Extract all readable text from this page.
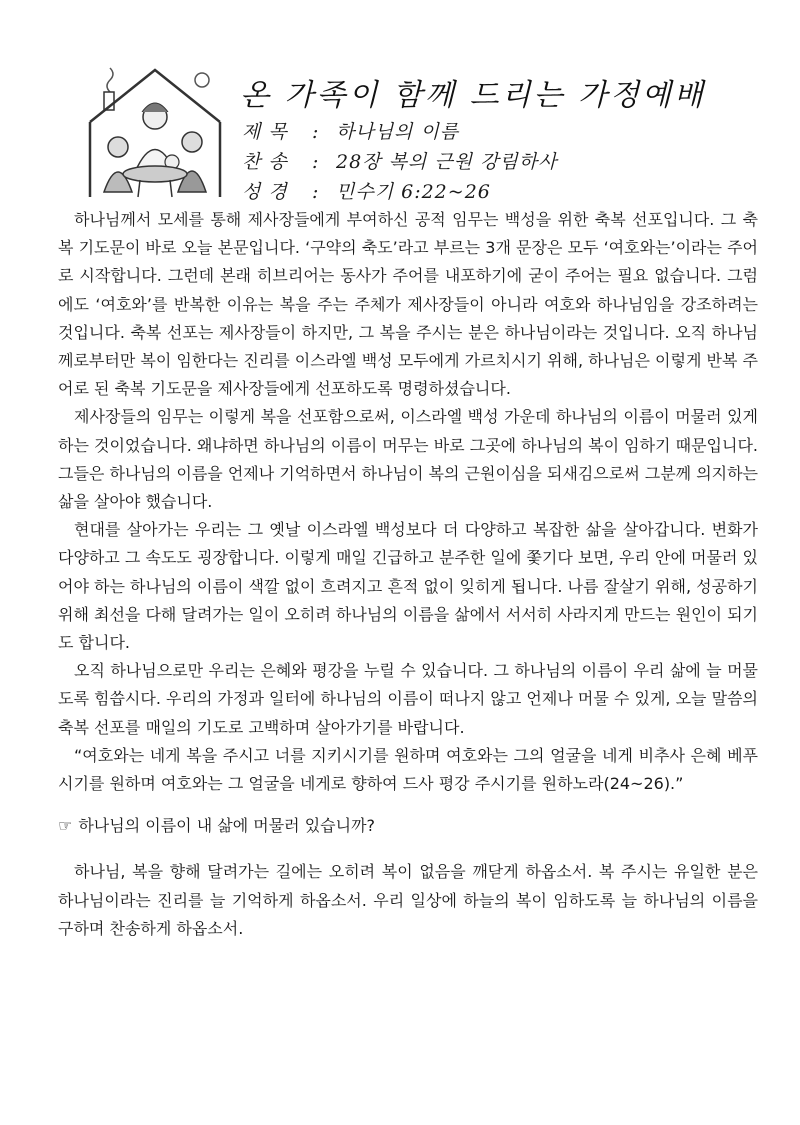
온 가족이 함께 드리는 가정예배
제 목 : 하나님의 이름
찬 송 : 28장 복의 근원 강림하사
성 경 : 민수기 6:22~26

하나님께서 모세를 통해 제사장들에게 부여하신 공적 임무는 백성을 위한 축복 선포입니다. 그 축복 기도문이 바로 오늘 본문입니다. ‘구약의 축도’라고 부르는 3개 문장은 모두 ‘여호와는’이라는 주어로 시작합니다. 그런데 본래 히브리어는 동사가 주어를 내포하기에 굳이 주어는 필요 없습니다. 그럼에도 ‘여호와’를 반복한 이유는 복을 주는 주체가 제사장들이 아니라 여호와 하나님임을 강조하려는 것입니다. 축복 선포는 제사장들이 하지만, 그 복을 주시는 분은 하나님이라는 것입니다. 오직 하나님께로부터만 복이 임한다는 진리를 이스라엘 백성 모두에게 가르치시기 위해, 하나님은 이렇게 반복 주어로 된 축복 기도문을 제사장들에게 선포하도록 명령하셨습니다.

제사장들의 임무는 이렇게 복을 선포함으로써, 이스라엘 백성 가운데 하나님의 이름이 머물러 있게 하는 것이었습니다. 왜냐하면 하나님의 이름이 머무는 바로 그곳에 하나님의 복이 임하기 때문입니다. 그들은 하나님의 이름을 언제나 기억하면서 하나님이 복의 근원이심을 되새김으로써 그분께 의지하는 삶을 살아야 했습니다.

현대를 살아가는 우리는 그 옛날 이스라엘 백성보다 더 다양하고 복잡한 삶을 살아갑니다. 변화가 다양하고 그 속도도 굉장합니다. 이렇게 매일 긴급하고 분주한 일에 쫓기다 보면, 우리 안에 머물러 있어야 하는 하나님의 이름이 색깔 없이 흐려지고 흔적 없이 잊히게 됩니다. 나름 잘살기 위해, 성공하기 위해 최선을 다해 달려가는 일이 오히려 하나님의 이름을 삶에서 서서히 사라지게 만드는 원인이 되기도 합니다.

오직 하나님으로만 우리는 은혜와 평강을 누릴 수 있습니다. 그 하나님의 이름이 우리 삶에 늘 머물도록 힘씁시다. 우리의 가정과 일터에 하나님의 이름이 떠나지 않고 언제나 머물 수 있게, 오늘 말씀의 축복 선포를 매일의 기도로 고백하며 살아가기를 바랍니다.

“여호와는 네게 복을 주시고 너를 지키시기를 원하며 여호와는 그의 얼굴을 네게 비추사 은혜 베푸시기를 원하며 여호와는 그 얼굴을 네게로 향하여 드사 평강 주시기를 원하노라(24~26).”

☞ 하나님의 이름이 내 삶에 머물러 있습니까?

하나님, 복을 향해 달려가는 길에는 오히려 복이 없음을 깨닫게 하옵소서. 복 주시는 유일한 분은 하나님이라는 진리를 늘 기억하게 하옵소서. 우리 일상에 하늘의 복이 임하도록 늘 하나님의 이름을 구하며 찬송하게 하옵소서.
